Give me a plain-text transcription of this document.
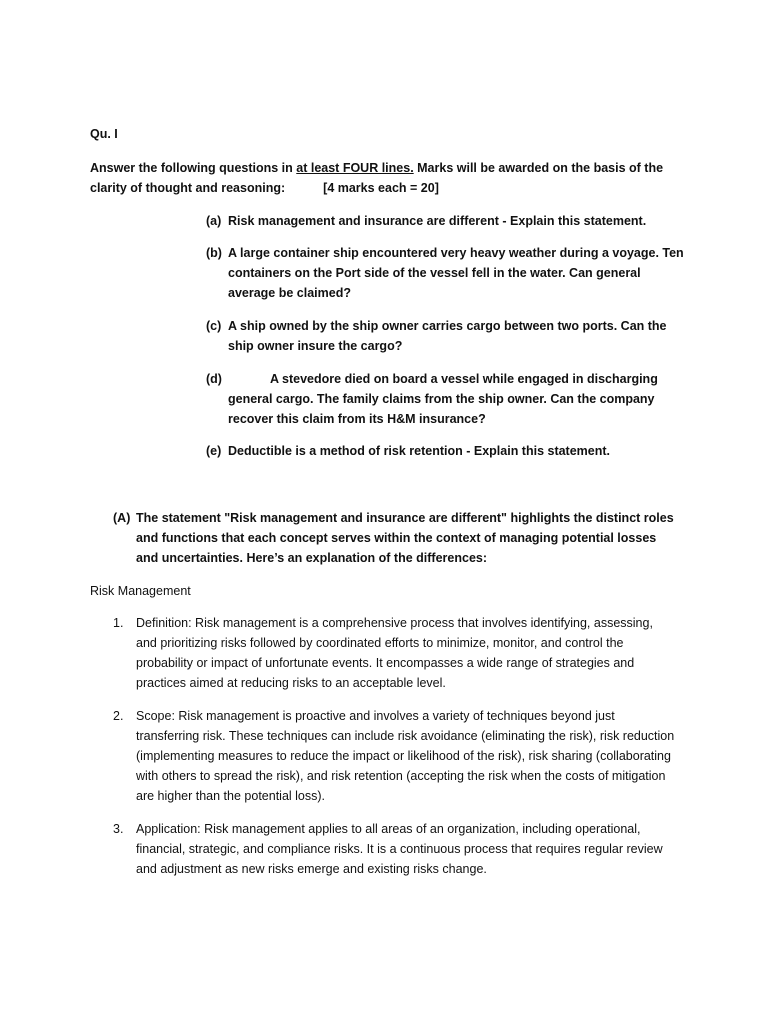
Qu. I
Answer the following questions in at least FOUR lines. Marks will be awarded on the basis of the
clarity of thought and reasoning:	[4 marks each = 20]
(a) Risk management and insurance are different - Explain this statement.
(b) A large container ship encountered very heavy weather during a voyage. Ten containers on the Port side of the vessel fell in the water. Can general average be claimed?
(c) A ship owned by the ship owner carries cargo between two ports. Can the ship owner insure the cargo?
(d)	A stevedore died on board a vessel while engaged in discharging general cargo. The family claims from the ship owner. Can the company recover this claim from its H&M insurance?
(e) Deductible is a method of risk retention - Explain this statement.
(A) The statement "Risk management and insurance are different" highlights the distinct roles and functions that each concept serves within the context of managing potential losses and uncertainties. Here’s an explanation of the differences:
Risk Management
1. Definition: Risk management is a comprehensive process that involves identifying, assessing, and prioritizing risks followed by coordinated efforts to minimize, monitor, and control the probability or impact of unfortunate events. It encompasses a wide range of strategies and practices aimed at reducing risks to an acceptable level.
2. Scope: Risk management is proactive and involves a variety of techniques beyond just transferring risk. These techniques can include risk avoidance (eliminating the risk), risk reduction (implementing measures to reduce the impact or likelihood of the risk), risk sharing (collaborating with others to spread the risk), and risk retention (accepting the risk when the costs of mitigation are higher than the potential loss).
3. Application: Risk management applies to all areas of an organization, including operational, financial, strategic, and compliance risks. It is a continuous process that requires regular review and adjustment as new risks emerge and existing risks change.
